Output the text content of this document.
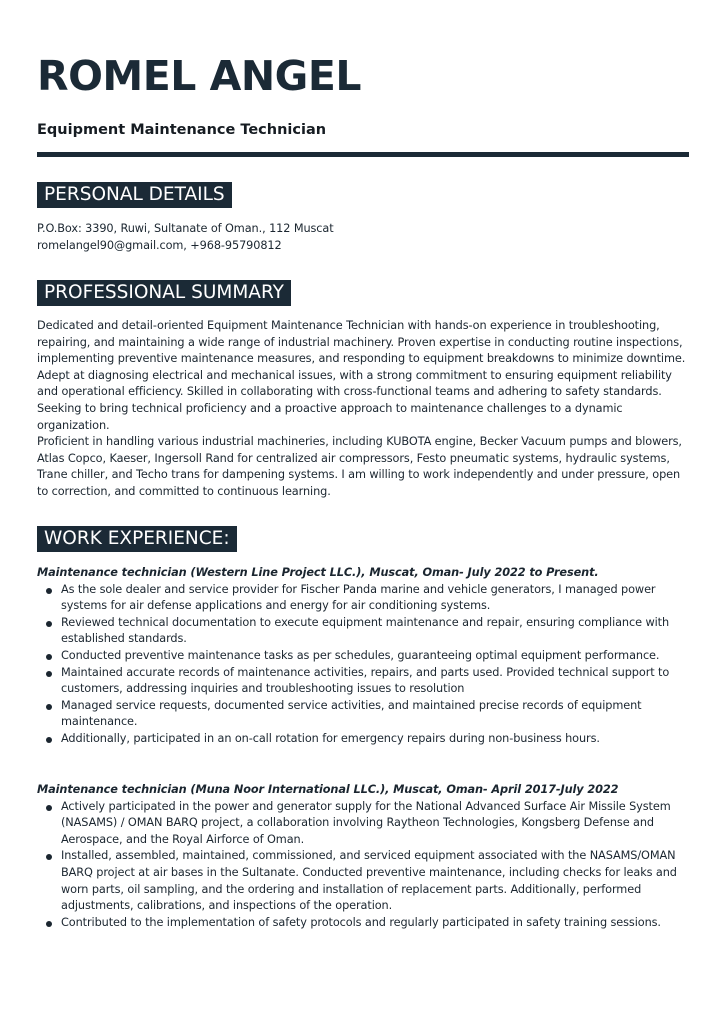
ROMEL ANGEL
Equipment Maintenance Technician
PERSONAL DETAILS

P.O.Box: 3390, Ruwi, Sultanate of Oman., 112 Muscat

romelangel90@gmail.com, +968-95790812

PROFESSIONAL SUMMARY

Dedicated and detail-oriented Equipment Maintenance Technician with hands-on experience in troubleshooting, repairing, and maintaining a wide range of industrial machinery. Proven expertise in conducting routine inspections, implementing preventive maintenance measures, and responding to equipment breakdowns to minimize downtime. Adept at diagnosing electrical and mechanical issues, with a strong commitment to ensuring equipment reliability and operational efficiency. Skilled in collaborating with cross-functional teams and adhering to safety standards. Seeking to bring technical proficiency and a proactive approach to maintenance challenges to a dynamic organization.

Proficient in handling various industrial machineries, including KUBOTA engine, Becker Vacuum pumps and blowers, Atlas Copco, Kaeser, Ingersoll Rand for centralized air compressors, Festo pneumatic systems, hydraulic systems, Trane chiller, and Techo trans for dampening systems. I am willing to work independently and under pressure, open to correction, and committed to continuous learning.

WORK EXPERIENCE:

Maintenance technician (Western Line Project LLC.), Muscat, Oman- July 2022 to Present.

As the sole dealer and service provider for Fischer Panda marine and vehicle generators, I managed power systems for air defense applications and energy for air conditioning systems.
Reviewed technical documentation to execute equipment maintenance and repair, ensuring compliance with established standards.
Conducted preventive maintenance tasks as per schedules, guaranteeing optimal equipment performance.
Maintained accurate records of maintenance activities, repairs, and parts used. Provided technical support to customers, addressing inquiries and troubleshooting issues to resolution
Managed service requests, documented service activities, and maintained precise records of equipment maintenance.
Additionally, participated in an on-call rotation for emergency repairs during non-business hours.

Maintenance technician (Muna Noor International LLC.), Muscat, Oman- April 2017-July 2022

Actively participated in the power and generator supply for the National Advanced Surface Air Missile System (NASAMS) / OMAN BARQ project, a collaboration involving Raytheon Technologies, Kongsberg Defense and Aerospace, and the Royal Airforce of Oman.
Installed, assembled, maintained, commissioned, and serviced equipment associated with the NASAMS/OMAN BARQ project at air bases in the Sultanate. Conducted preventive maintenance, including checks for leaks and worn parts, oil sampling, and the ordering and installation of replacement parts. Additionally, performed adjustments, calibrations, and inspections of the operation.
Contributed to the implementation of safety protocols and regularly participated in safety training sessions.
